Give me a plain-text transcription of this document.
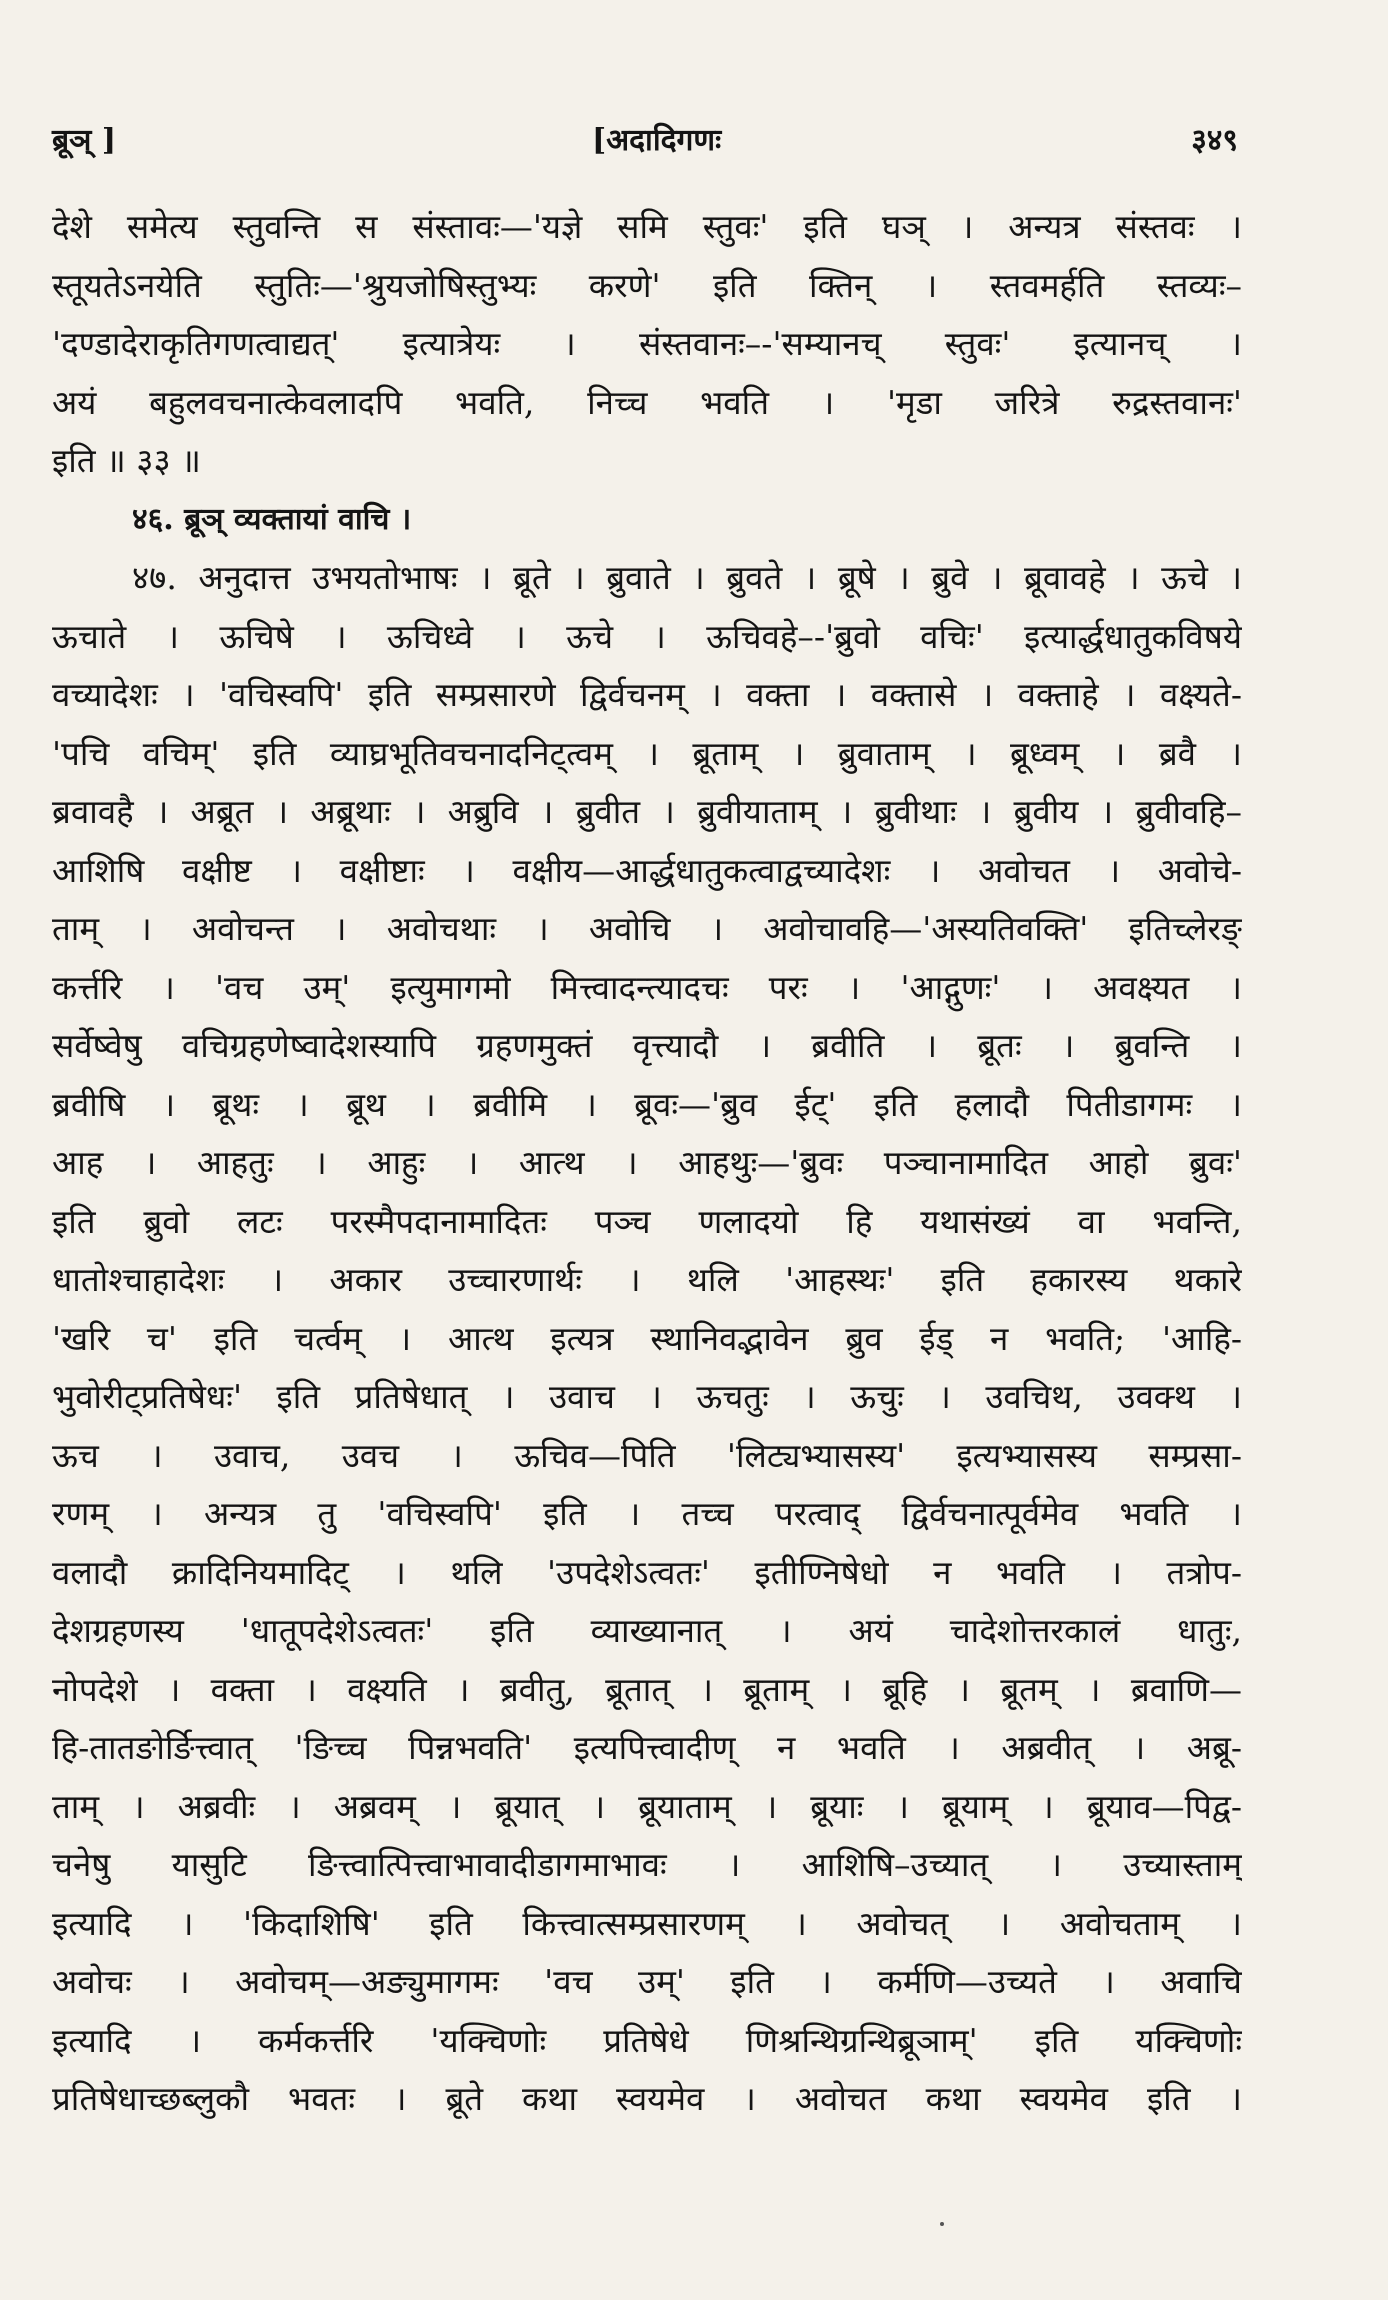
ब्रूञ् ]	[अदादिगणः	३४९
देशे समेत्य स्तुवन्ति स संस्तावः—'यज्ञे समि स्तुवः' इति घञ् । अन्यत्र संस्तवः ।
स्तूयतेऽनयेति स्तुतिः—'श्रुयजोषिस्तुभ्यः करणे' इति क्तिन् । स्तवमर्हति स्तव्यः–
'दण्डादेराकृतिगणत्वाद्यत्' इत्यात्रेयः । संस्तवानः–-'सम्यानच् स्तुवः' इत्यानच् ।
अयं बहुलवचनात्केवलादपि भवति, निच्च भवति । 'मृडा जरित्रे रुद्रस्तवानः'
इति ॥ ३३ ॥
४६. ब्रूञ् व्यक्तायां वाचि ।
४७. अनुदात्त उभयतोभाषः । ब्रूते । ब्रुवाते । ब्रुवते । ब्रूषे । ब्रुवे । ब्रूवावहे । ऊचे ।
ऊचाते । ऊचिषे । ऊचिध्वे । ऊचे । ऊचिवहे–-'ब्रुवो वचिः' इत्यार्द्धधातुकविषये
वच्यादेशः । 'वचिस्वपि' इति सम्प्रसारणे द्विर्वचनम् । वक्ता । वक्तासे । वक्ताहे । वक्ष्यते-
'पचि वचिम्' इति व्याघ्रभूतिवचनादनिट्त्वम् । ब्रूताम् । ब्रुवाताम् । ब्रूध्वम् । ब्रवै ।
ब्रवावहै । अब्रूत । अब्रूथाः । अब्रुवि । ब्रुवीत । ब्रुवीयाताम् । ब्रुवीथाः । ब्रुवीय । ब्रुवीवहि–
आशिषि वक्षीष्ट । वक्षीष्टाः । वक्षीय—आर्द्धधातुकत्वाद्वच्यादेशः । अवोचत । अवोचे-
ताम् । अवोचन्त । अवोचथाः । अवोचि । अवोचावहि—'अस्यतिवक्ति' इतिच्लेरङ्
कर्त्तरि । 'वच उम्' इत्युमागमो मित्त्वादन्त्यादचः परः । 'आद्गुणः' । अवक्ष्यत ।
सर्वेष्वेषु वचिग्रहणेष्वादेशस्यापि ग्रहणमुक्तं वृत्त्यादौ । ब्रवीति । ब्रूतः । ब्रुवन्ति ।
ब्रवीषि । ब्रूथः । ब्रूथ । ब्रवीमि । ब्रूवः—'ब्रुव ईट्' इति हलादौ पितीडागमः ।
आह । आहतुः । आहुः । आत्थ । आहथुः—'ब्रुवः पञ्चानामादित आहो ब्रुवः'
इति ब्रुवो लटः परस्मैपदानामादितः पञ्च णलादयो हि यथासंख्यं वा भवन्ति,
धातोश्चाहादेशः । अकार उच्चारणार्थः । थलि 'आहस्थः' इति हकारस्य थकारे
'खरि च' इति चर्त्वम् । आत्थ इत्यत्र स्थानिवद्भावेन ब्रुव ईड् न भवति; 'आहि-
भुवोरीट्प्रतिषेधः' इति प्रतिषेधात् । उवाच । ऊचतुः । ऊचुः । उवचिथ, उवक्थ ।
ऊच । उवाच, उवच । ऊचिव—पिति 'लिट्यभ्यासस्य' इत्यभ्यासस्य सम्प्रसा-
रणम् । अन्यत्र तु 'वचिस्वपि' इति । तच्च परत्वाद् द्विर्वचनात्पूर्वमेव भवति ।
वलादौ क्रादिनियमादिट् । थलि 'उपदेशेऽत्वतः' इतीण्निषेधो न भवति । तत्रोप-
देशग्रहणस्य 'धातूपदेशेऽत्वतः' इति व्याख्यानात् । अयं चादेशोत्तरकालं धातुः,
नोपदेशे । वक्ता । वक्ष्यति । ब्रवीतु, ब्रूतात् । ब्रूताम् । ब्रूहि । ब्रूतम् । ब्रवाणि—
हि-तातङोर्ङित्त्वात् 'ङिच्च पिन्नभवति' इत्यपित्त्वादीण् न भवति । अब्रवीत् । अब्रू-
ताम् । अब्रवीः । अब्रवम् । ब्रूयात् । ब्रूयाताम् । ब्रूयाः । ब्रूयाम् । ब्रूयाव—पिद्व-
चनेषु यासुटि ङित्त्वात्पित्त्वाभावादीडागमाभावः । आशिषि–उच्यात् । उच्यास्ताम्
इत्यादि । 'किदाशिषि' इति कित्त्वात्सम्प्रसारणम् । अवोचत् । अवोचताम् ।
अवोचः । अवोचम्—अङ्युमागमः 'वच उम्' इति । कर्मणि—उच्यते । अवाचि
इत्यादि । कर्मकर्त्तरि 'यक्चिणोः प्रतिषेधे णिश्रन्थिग्रन्थिब्रूञाम्' इति यक्चिणोः
प्रतिषेधाच्छब्लुकौ भवतः । ब्रूते कथा स्वयमेव । अवोचत कथा स्वयमेव इति ।
